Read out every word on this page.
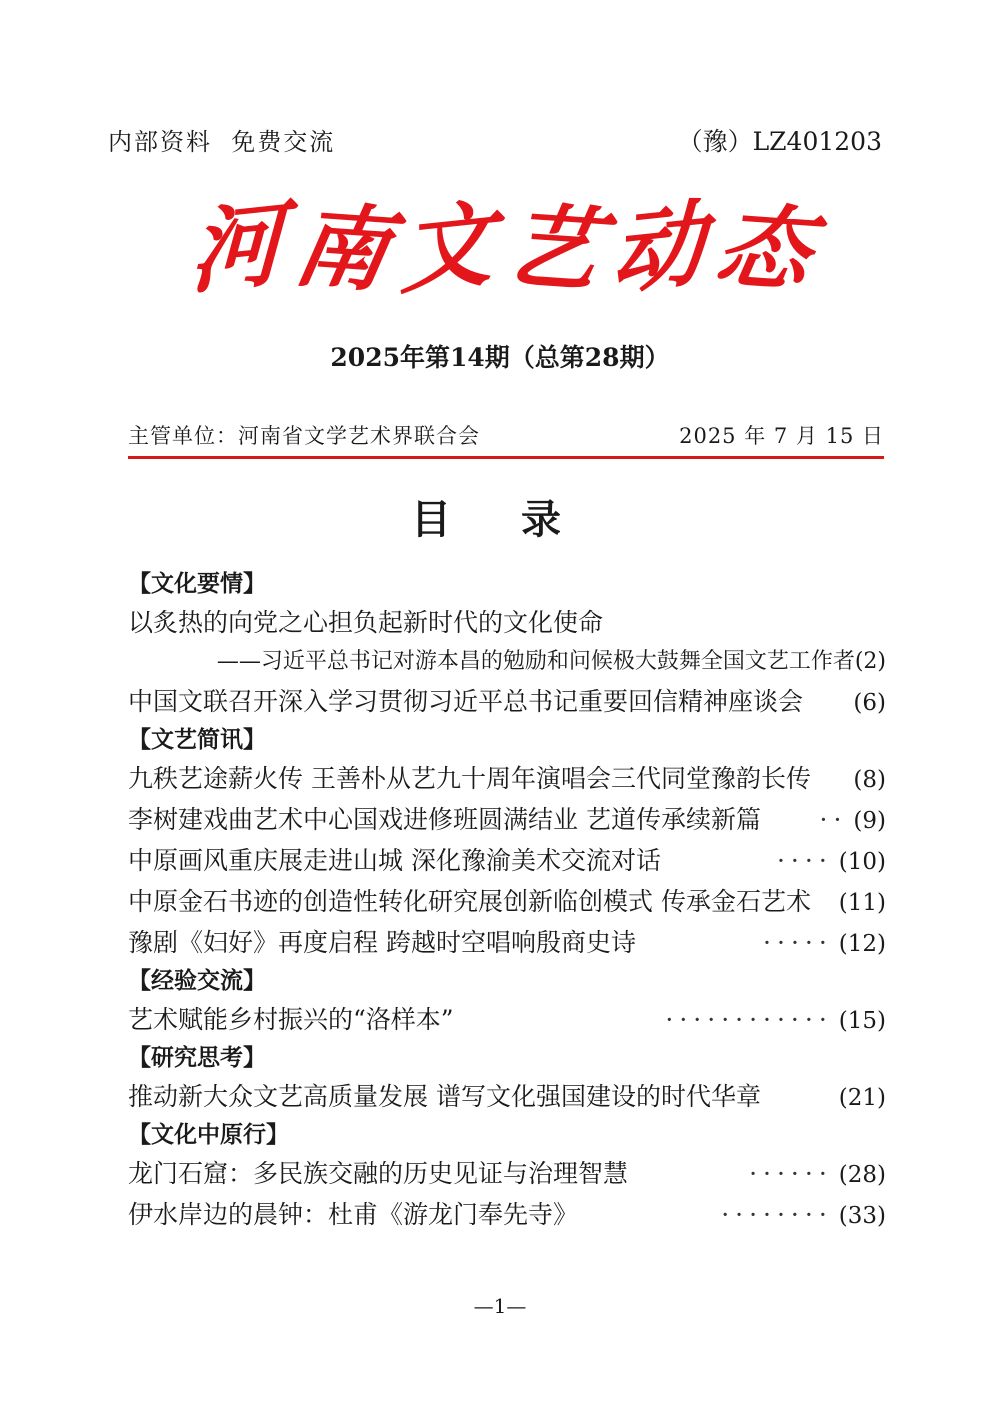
内部资料  免费交流	（豫）LZ401203
河 南 文 艺 动 态
2025年第14期（总第28期）
主管单位：河南省文学艺术界联合会	2025 年 7 月 15 日
目 录
【文化要情】
以炙热的向党之心担负起新时代的文化使命
——习近平总书记对游本昌的勉励和问候极大鼓舞全国文艺工作者 (2)
中国文联召开深入学习贯彻习近平总书记重要回信精神座谈会 (6)
【文艺简讯】
九秩艺途薪火传 王善朴从艺九十周年演唱会三代同堂豫韵长传 (8)
李树建戏曲艺术中心国戏进修班圆满结业 艺道传承续新篇	·· (9)
中原画风重庆展走进山城 深化豫渝美术交流对话	···· (10)
中原金石书迹的创造性转化研究展创新临创模式 传承金石艺术 (11)
豫剧《妇好》再度启程 跨越时空唱响殷商史诗	····· (12)
【经验交流】
艺术赋能乡村振兴的“洛样本”	············ (15)
【研究思考】
推动新大众文艺高质量发展 谱写文化强国建设的时代华章	(21)
【文化中原行】
龙门石窟：多民族交融的历史见证与治理智慧	······ (28)
伊水岸边的晨钟：杜甫《游龙门奉先寺》	········ (33)
—1—
